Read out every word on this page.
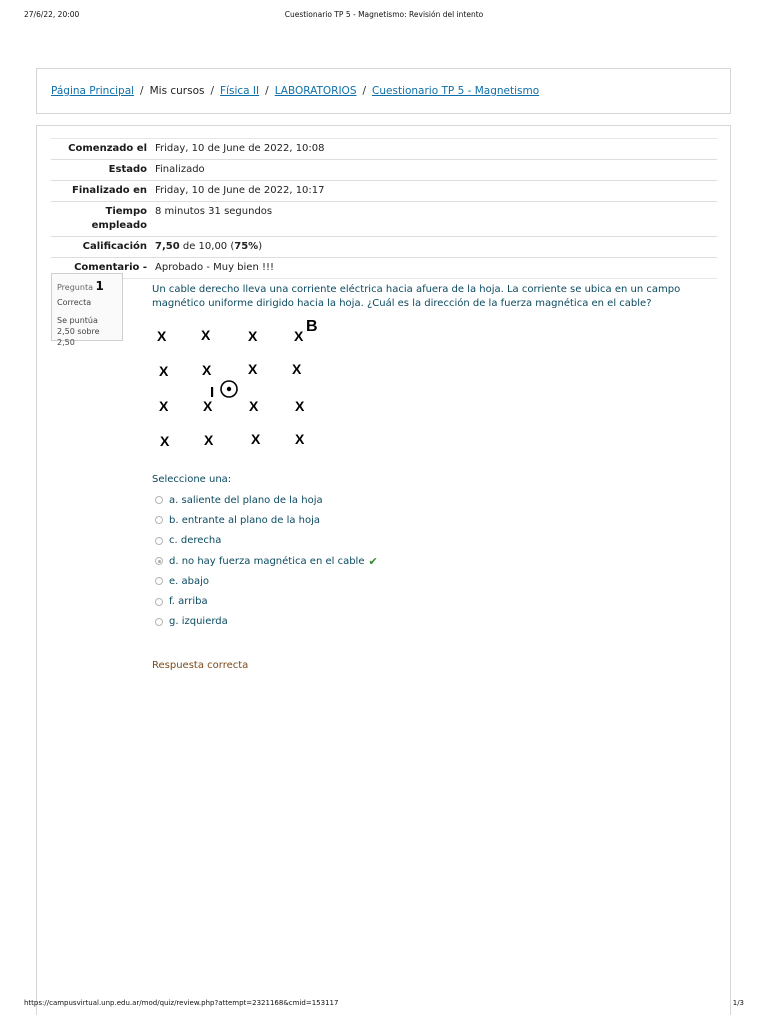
27/6/22, 20:00	Cuestionario TP 5 - Magnetismo: Revisión del intento
Página Principal / Mis cursos / Física II / LABORATORIOS / Cuestionario TP 5 - Magnetismo
Comenzado el	Friday, 10 de June de 2022, 10:08
Estado	Finalizado
Finalizado en	Friday, 10 de June de 2022, 10:17
Tiempo empleado	8 minutos 31 segundos
Calificación	7,50 de 10,00 (75%)
Comentario -	Aprobado - Muy bien !!!
Pregunta 1
Correcta
Se puntúa 2,50 sobre 2,50
Un cable derecho lleva una corriente eléctrica hacia afuera de la hoja. La corriente se ubica en un campo magnético uniforme dirigido hacia la hoja. ¿Cuál es la dirección de la fuerza magnética en el cable?
X X	X	X
B
X X	X X
I
X X	X	X
X X	X X
Seleccione una:
a. saliente del plano de la hoja
b. entrante al plano de la hoja
c. derecha
d. no hay fuerza magnética en el cable ✔
e. abajo
f. arriba
g. izquierda
Respuesta correcta
https://campusvirtual.unp.edu.ar/mod/quiz/review.php?attempt=2321168&cmid=153117	1/3
